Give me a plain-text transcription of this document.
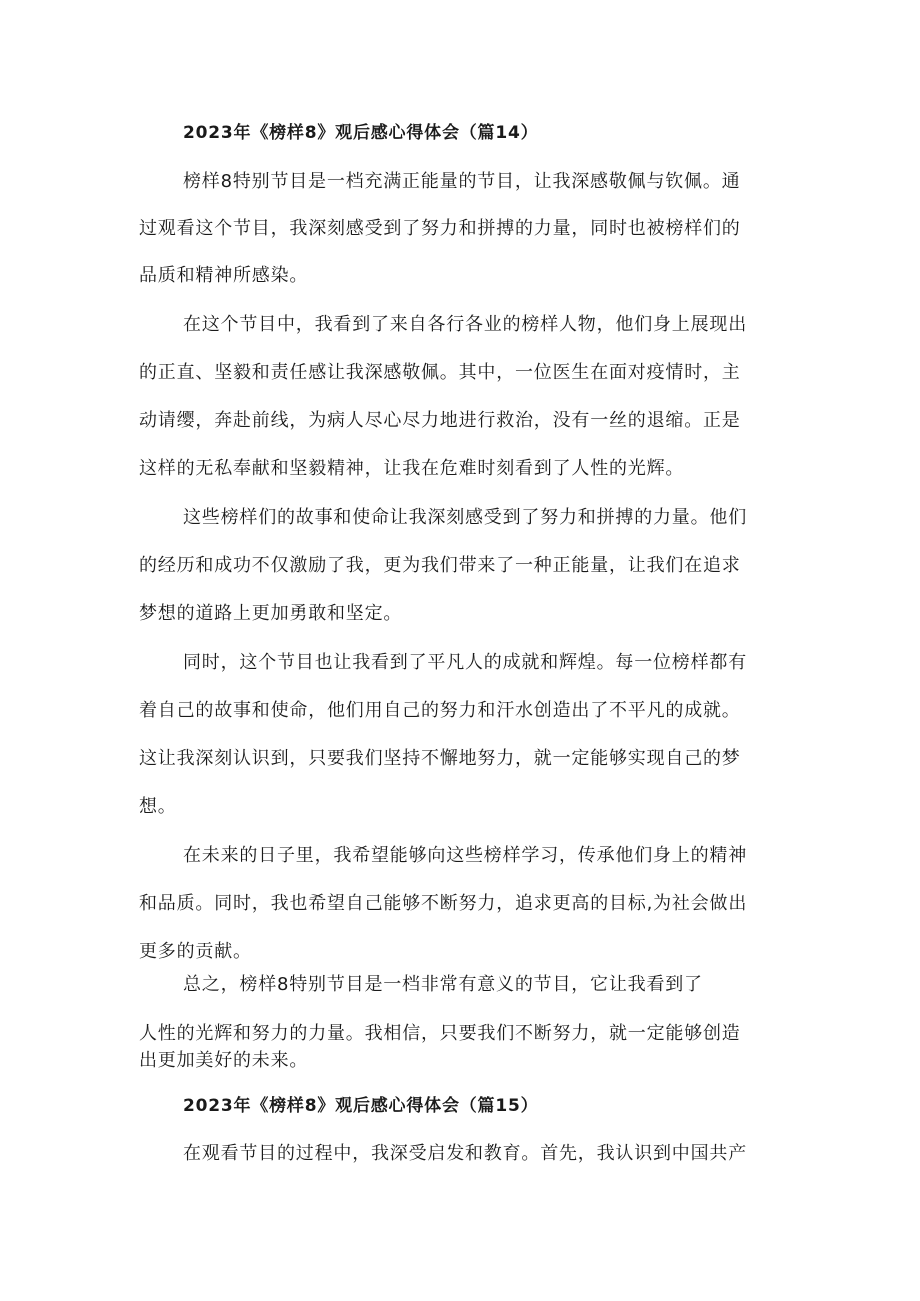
2023年《榜样8》观后感心得体会（篇14）

榜样8特别节目是一档充满正能量的节目，让我深感敬佩与钦佩。通

过观看这个节目，我深刻感受到了努力和拼搏的力量，同时也被榜样们的

品质和精神所感染。

在这个节目中，我看到了来自各行各业的榜样人物，他们身上展现出

的正直、坚毅和责任感让我深感敬佩。其中，一位医生在面对疫情时，主

动请缨，奔赴前线，为病人尽心尽力地进行救治，没有一丝的退缩。正是

这样的无私奉献和坚毅精神，让我在危难时刻看到了人性的光辉。

这些榜样们的故事和使命让我深刻感受到了努力和拼搏的力量。他们

的经历和成功不仅激励了我，更为我们带来了一种正能量，让我们在追求

梦想的道路上更加勇敢和坚定。

同时，这个节目也让我看到了平凡人的成就和辉煌。每一位榜样都有

着自己的故事和使命，他们用自己的努力和汗水创造出了不平凡的成就。

这让我深刻认识到，只要我们坚持不懈地努力，就一定能够实现自己的梦

想。

在未来的日子里，我希望能够向这些榜样学习，传承他们身上的精神

和品质。同时，我也希望自己能够不断努力，追求更高的目标,为社会做出

更多的贡献。

总之，榜样8特别节目是一档非常有意义的节目，它让我看到了

人性的光辉和努力的力量。我相信，只要我们不断努力，就一定能够创造

出更加美好的未来。

2023年《榜样8》观后感心得体会（篇15）

在观看节目的过程中，我深受启发和教育。首先，我认识到中国共产
